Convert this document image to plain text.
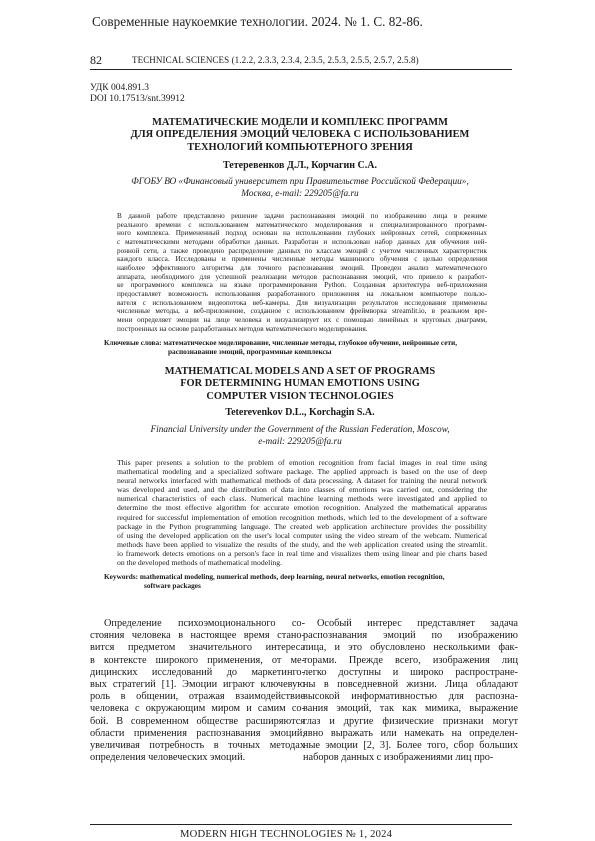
Современные наукоемкие технологии. 2024. № 1. С. 82-86.
82	TECHNICAL SCIENCES (1.2.2, 2.3.3, 2.3.4, 2.3.5, 2.5.3, 2.5.5, 2.5.7, 2.5.8)
УДК 004.891.3
DOI 10.17513/snt.39912
МАТЕМАТИЧЕСКИЕ МОДЕЛИ И КОМПЛЕКС ПРОГРАММ
ДЛЯ ОПРЕДЕЛЕНИЯ ЭМОЦИЙ ЧЕЛОВЕКА С ИСПОЛЬЗОВАНИЕМ
ТЕХНОЛОГИЙ КОМПЬЮТЕРНОГО ЗРЕНИЯ
Тетеревенков Д.Л., Корчагин С.А.
ФГОБУ ВО «Финансовый университет при Правительстве Российской Федерации»,
Москва, e-mail: 229205@fa.ru
В данной работе представлено решение задачи распознавания эмоций по изображению лица в режиме
реального времени с использованием математического моделирования и специализированного программ-
ного комплекса. Примененный подход основан на использовании глубоких нейронных сетей, сопряженных
с математическими методами обработки данных. Разработан и использован набор данных для обучения ней-
ронной сети, а также проведено распределение данных по классам эмоций с учетом численных характеристик
каждого класса. Исследованы и применены численные методы машинного обучения с целью определения
наиболее эффективного алгоритма для точного распознавания эмоций. Проведен анализ математического
аппарата, необходимого для успешной реализации методов распознавания эмоций, что привело к разработ-
ке программного комплекса на языке программирования Python. Созданная архитектура веб-приложения
предоставляет возможность использования разработанного приложения на локальном компьютере пользо-
вателя с использованием видеопотока веб-камеры. Для визуализации результатов исследования применены
численные методы, а веб-приложение, созданное с использованием фреймворка streamlit.io, в реальном вре-
мени определяет эмоции на лице человека и визуализирует их с помощью линейных и круговых диаграмм,
построенных на основе разработанных методов математического моделирования.
Ключевые слова: математическое моделирование, численные методы, глубокое обучение, нейронные сети,
распознавание эмоций, программные комплексы
MATHEMATICAL MODELS AND A SET OF PROGRAMS
FOR DETERMINING HUMAN EMOTIONS USING
COMPUTER VISION TECHNOLOGIES
Teterevenkov D.L., Korchagin S.A.
Financial University under the Government of the Russian Federation, Moscow,
e-mail: 229205@fa.ru
This paper presents a solution to the problem of emotion recognition from facial images in real time using
mathematical modeling and a specialized software package. The applied approach is based on the use of deep
neural networks interfaced with mathematical methods of data processing. A dataset for training the neural network
was developed and used, and the distribution of data into classes of emotions was carried out, considering the
numerical characteristics of each class. Numerical machine learning methods were investigated and applied to
determine the most effective algorithm for accurate emotion recognition. Analyzed the mathematical apparatus
required for successful implementation of emotion recognition methods, which led to the development of a software
package in the Python programming language. The created web application architecture provides the possibility
of using the developed application on the user's local computer using the video stream of the webcam. Numerical
methods have been applied to visualize the results of the study, and the web application created using the streamlit.
io framework detects emotions on a person's face in real time and visualizes them using linear and pie charts based
on the developed methods of mathematical modeling.
Keywords: mathematical modeling, numerical methods, deep learning, neural networks, emotion recognition,
software packages
Определение психоэмоционального со-
стояния человека в настоящее время стано-
вится предметом значительного интереса
в контексте широкого применения, от ме-
дицинских исследований до маркетинго-
вых стратегий [1]. Эмоции играют ключевую
роль в общении, отражая взаимодействие
человека с окружающим миром и самим со-
бой. В современном обществе расширяются
области применения распознавания эмоций,
увеличивая потребность в точных методах
определения человеческих эмоций.
Особый интерес представляет задача
распознавания эмоций по изображению
лица, и это обусловлено несколькими фак-
торами. Прежде всего, изображения лиц
легко доступны и широко распростране-
ны в повседневной жизни. Лица обладают
высокой информативностью для распозна-
вания эмоций, так как мимика, выражение
глаз и другие физические признаки могут
явно выражать или намекать на определен-
ные эмоции [2, 3]. Более того, сбор больших
наборов данных с изображениями лиц про-
MODERN HIGH TECHNOLOGIES № 1, 2024
